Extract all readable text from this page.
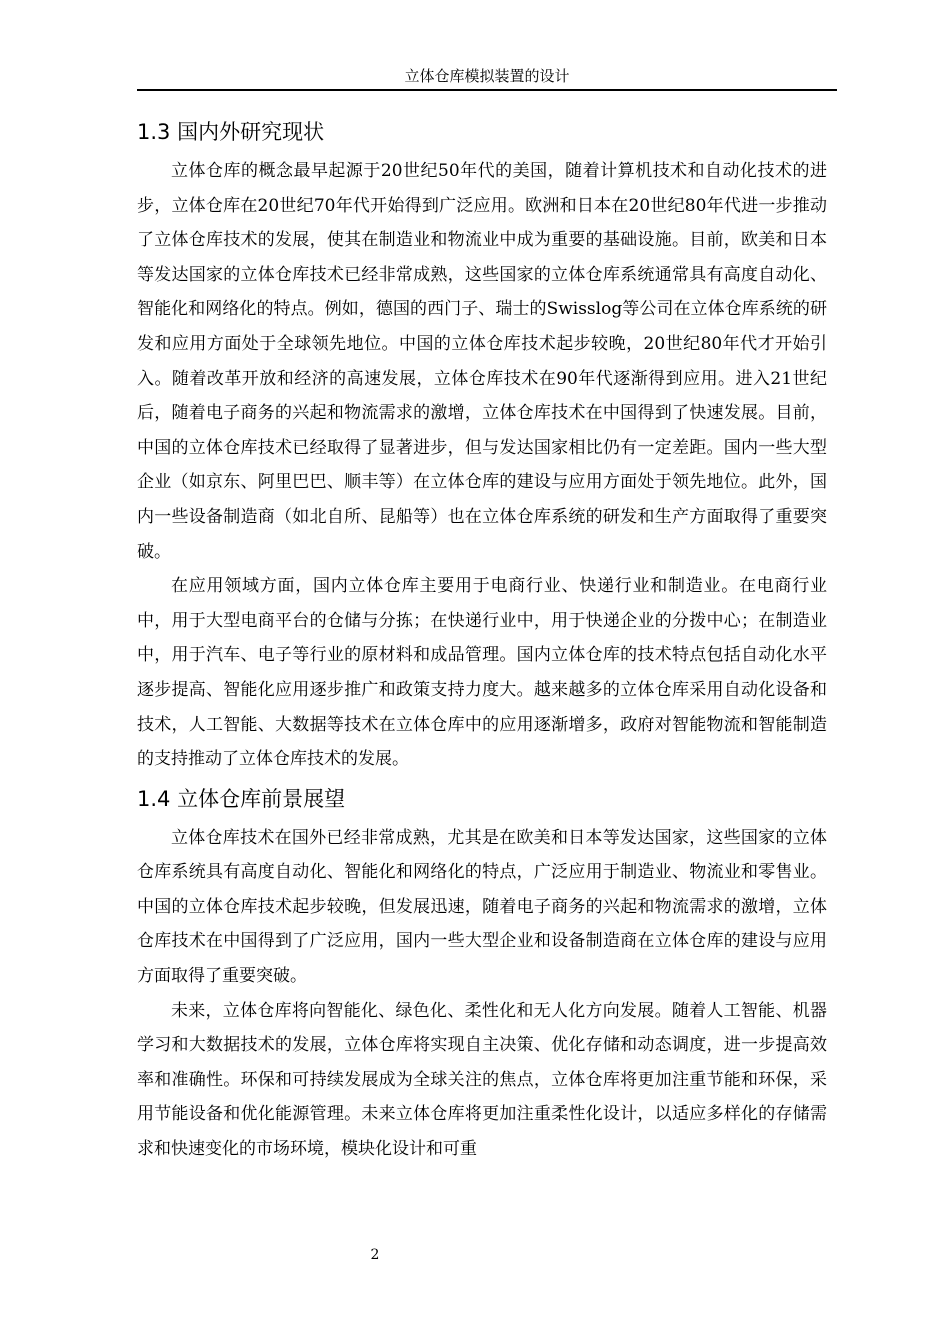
立体仓库模拟装置的设计
1.3 国内外研究现状

立体仓库的概念最早起源于20世纪50年代的美国，随着计算机技术和自动化技术的进步，立体仓库在20世纪70年代开始得到广泛应用。欧洲和日本在20世纪80年代进一步推动了立体仓库技术的发展，使其在制造业和物流业中成为重要的基础设施。目前，欧美和日本等发达国家的立体仓库技术已经非常成熟，这些国家的立体仓库系统通常具有高度自动化、智能化和网络化的特点。例如，德国的西门子、瑞士的Swisslog等公司在立体仓库系统的研发和应用方面处于全球领先地位。中国的立体仓库技术起步较晚，20世纪80年代才开始引入。随着改革开放和经济的高速发展，立体仓库技术在90年代逐渐得到应用。进入21世纪后，随着电子商务的兴起和物流需求的激增，立体仓库技术在中国得到了快速发展。目前，中国的立体仓库技术已经取得了显著进步，但与发达国家相比仍有一定差距。国内一些大型企业（如京东、阿里巴巴、顺丰等）在立体仓库的建设与应用方面处于领先地位。此外，国内一些设备制造商（如北自所、昆船等）也在立体仓库系统的研发和生产方面取得了重要突破。

在应用领域方面，国内立体仓库主要用于电商行业、快递行业和制造业。在电商行业中，用于大型电商平台的仓储与分拣；在快递行业中，用于快递企业的分拨中心；在制造业中，用于汽车、电子等行业的原材料和成品管理。国内立体仓库的技术特点包括自动化水平逐步提高、智能化应用逐步推广和政策支持力度大。越来越多的立体仓库采用自动化设备和技术，人工智能、大数据等技术在立体仓库中的应用逐渐增多，政府对智能物流和智能制造的支持推动了立体仓库技术的发展。

1.4 立体仓库前景展望

立体仓库技术在国外已经非常成熟，尤其是在欧美和日本等发达国家，这些国家的立体仓库系统具有高度自动化、智能化和网络化的特点，广泛应用于制造业、物流业和零售业。中国的立体仓库技术起步较晚，但发展迅速，随着电子商务的兴起和物流需求的激增，立体仓库技术在中国得到了广泛应用，国内一些大型企业和设备制造商在立体仓库的建设与应用方面取得了重要突破。

未来，立体仓库将向智能化、绿色化、柔性化和无人化方向发展。随着人工智能、机器学习和大数据技术的发展，立体仓库将实现自主决策、优化存储和动态调度，进一步提高效率和准确性。环保和可持续发展成为全球关注的焦点，立体仓库将更加注重节能和环保，采用节能设备和优化能源管理。未来立体仓库将更加注重柔性化设计，以适应多样化的存储需求和快速变化的市场环境，模块化设计和可重

2
